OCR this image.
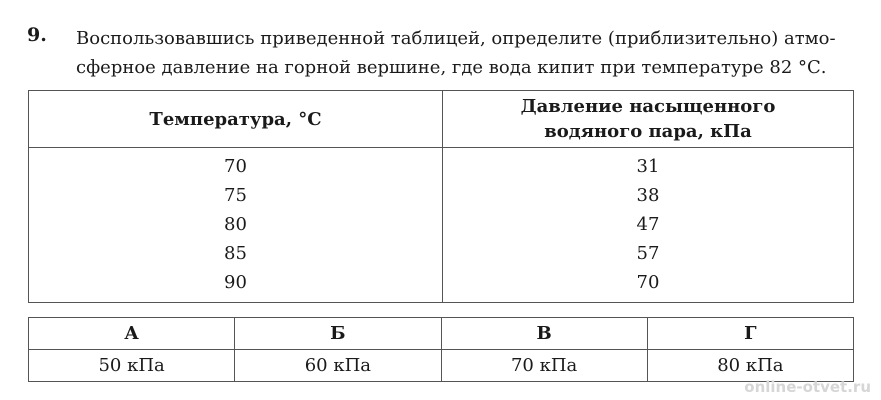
9. Воспользовавшись приведенной таблицей, определите (приблизительно) атмо-
сферное давление на горной вершине, где вода кипит при температуре 82 °С.
Температура, °С	Давление насыщенного
водяного пара, кПа
70	31
75	38
80	47
85	57
90	70
А	Б	В	Г
50 кПа	60 кПа	70 кПа	80 кПа
online-otvet.ru
